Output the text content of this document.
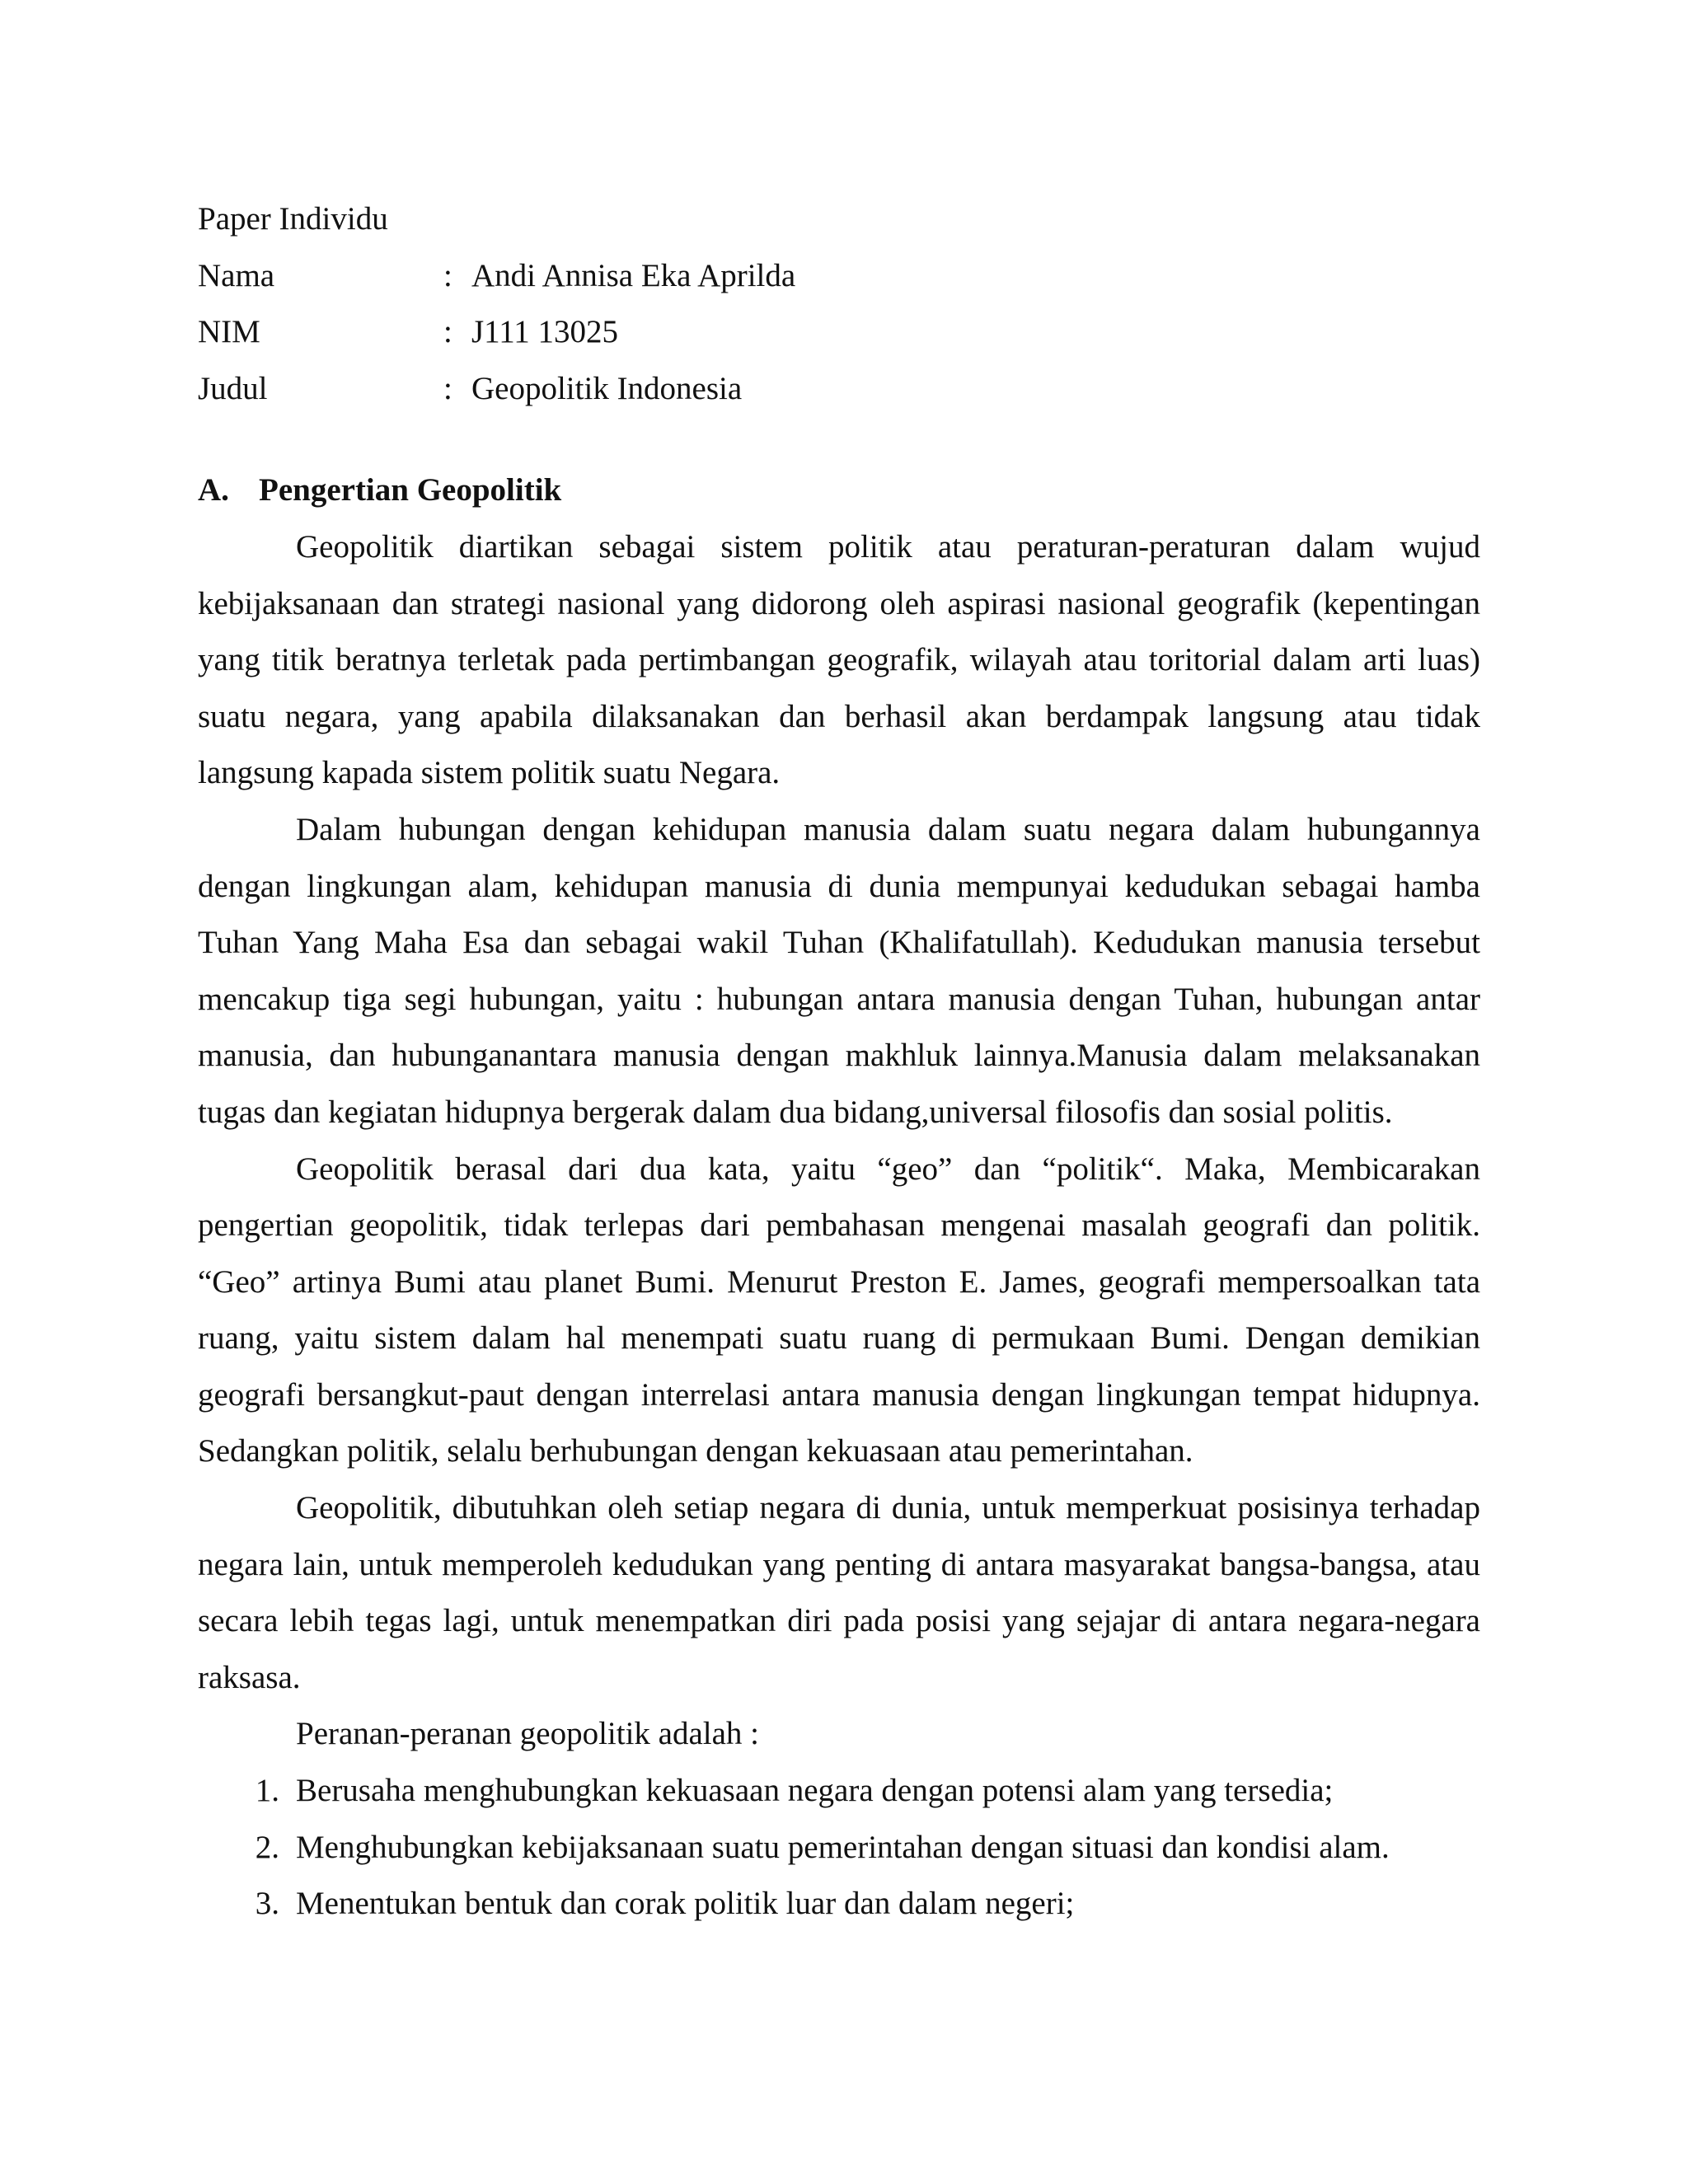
Paper Individu
Nama	: Andi Annisa Eka Aprilda
NIM	: J111 13025
Judul	: Geopolitik Indonesia
A. Pengertian Geopolitik

Geopolitik diartikan sebagai sistem politik atau peraturan-peraturan dalam wujud kebijaksanaan dan strategi nasional yang didorong oleh aspirasi nasional geografik (kepentingan yang titik beratnya terletak pada pertimbangan geografik, wilayah atau toritorial dalam arti luas) suatu negara, yang apabila dilaksanakan dan berhasil akan berdampak langsung atau tidak langsung kapada sistem politik suatu Negara.

Dalam hubungan dengan kehidupan manusia dalam suatu negara dalam hubungannya dengan lingkungan alam, kehidupan manusia di dunia mempunyai kedudukan sebagai hamba Tuhan Yang Maha Esa dan sebagai wakil Tuhan (Khalifatullah). Kedudukan manusia tersebut mencakup tiga segi hubungan, yaitu : hubungan antara manusia dengan Tuhan, hubungan antar manusia, dan hubunganantara manusia dengan makhluk lainnya.Manusia dalam melaksanakan tugas dan kegiatan hidupnya bergerak dalam dua bidang,universal filosofis dan sosial politis.

Geopolitik berasal dari dua kata, yaitu “geo” dan “politik“. Maka, Membicarakan pengertian geopolitik, tidak terlepas dari pembahasan mengenai masalah geografi dan politik. “Geo” artinya Bumi atau planet Bumi. Menurut Preston E. James, geografi mempersoalkan tata ruang, yaitu sistem dalam hal menempati suatu ruang di permukaan Bumi. Dengan demikian geografi bersangkut-paut dengan interrelasi antara manusia dengan lingkungan tempat hidupnya. Sedangkan politik, selalu berhubungan dengan kekuasaan atau pemerintahan.

Geopolitik, dibutuhkan oleh setiap negara di dunia, untuk memperkuat posisinya terhadap negara lain, untuk memperoleh kedudukan yang penting di antara masyarakat bangsa-bangsa, atau secara lebih tegas lagi, untuk menempatkan diri pada posisi yang sejajar di antara negara-negara raksasa.

Peranan-peranan geopolitik adalah :

1. Berusaha menghubungkan kekuasaan negara dengan potensi alam yang tersedia;
2. Menghubungkan kebijaksanaan suatu pemerintahan dengan situasi dan kondisi alam.
3. Menentukan bentuk dan corak politik luar dan dalam negeri;
